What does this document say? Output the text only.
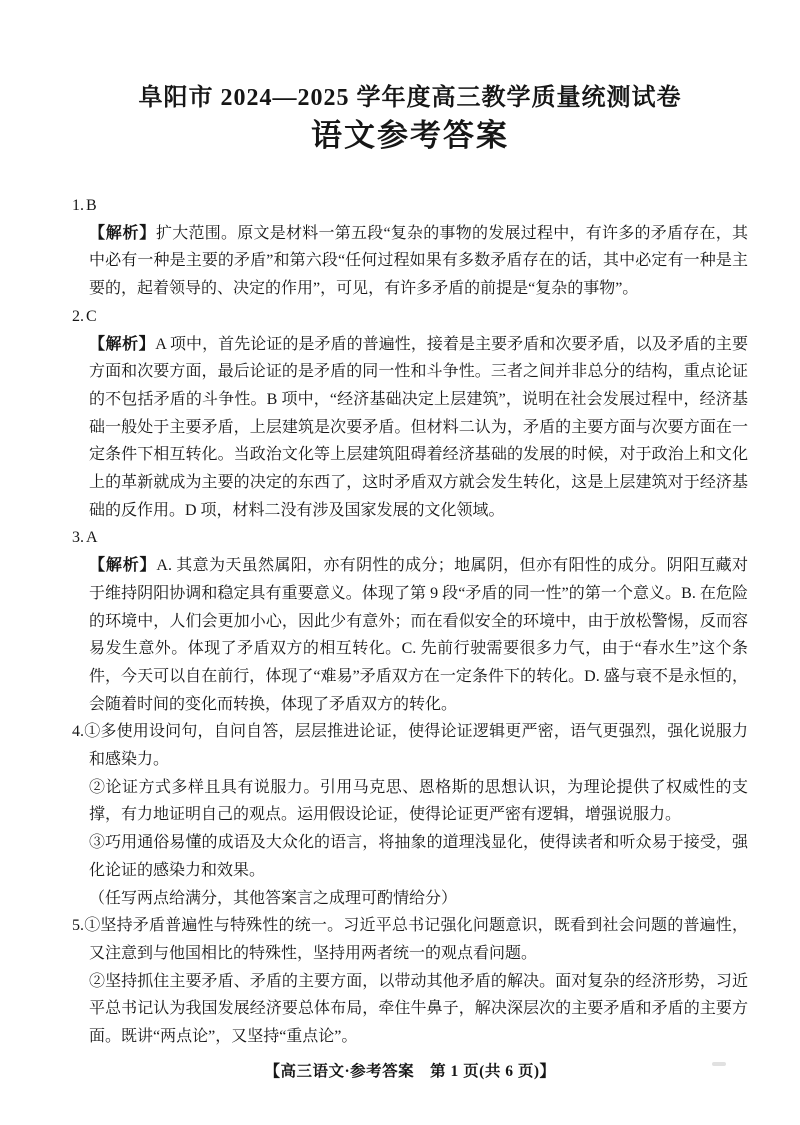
阜阳市 2024—2025 学年度高三教学质量统测试卷
语文参考答案

1. B

【解析】扩大范围。原文是材料一第五段“复杂的事物的发展过程中，有许多的矛盾存在，其中必有一种是主要的矛盾”和第六段“任何过程如果有多数矛盾存在的话，其中必定有一种是主要的，起着领导的、决定的作用”，可见，有许多矛盾的前提是“复杂的事物”。

2. C

【解析】A 项中，首先论证的是矛盾的普遍性，接着是主要矛盾和次要矛盾，以及矛盾的主要方面和次要方面，最后论证的是矛盾的同一性和斗争性。三者之间并非总分的结构，重点论证的不包括矛盾的斗争性。B 项中，“经济基础决定上层建筑”，说明在社会发展过程中，经济基础一般处于主要矛盾，上层建筑是次要矛盾。但材料二认为，矛盾的主要方面与次要方面在一定条件下相互转化。当政治文化等上层建筑阻碍着经济基础的发展的时候，对于政治上和文化上的革新就成为主要的决定的东西了，这时矛盾双方就会发生转化，这是上层建筑对于经济基础的反作用。D 项，材料二没有涉及国家发展的文化领域。

3. A

【解析】A. 其意为天虽然属阳，亦有阴性的成分；地属阴，但亦有阳性的成分。阴阳互藏对于维持阴阳协调和稳定具有重要意义。体现了第 9 段“矛盾的同一性”的第一个意义。B. 在危险的环境中，人们会更加小心，因此少有意外；而在看似安全的环境中，由于放松警惕，反而容易发生意外。体现了矛盾双方的相互转化。C. 先前行驶需要很多力气，由于“春水生”这个条件，今天可以自在前行，体现了“难易”矛盾双方在一定条件下的转化。D. 盛与衰不是永恒的，会随着时间的变化而转换，体现了矛盾双方的转化。

4.①多使用设问句，自问自答，层层推进论证，使得论证逻辑更严密，语气更强烈，强化说服力和感染力。

②论证方式多样且具有说服力。引用马克思、恩格斯的思想认识，为理论提供了权威性的支撑，有力地证明自己的观点。运用假设论证，使得论证更严密有逻辑，增强说服力。

③巧用通俗易懂的成语及大众化的语言，将抽象的道理浅显化，使得读者和听众易于接受，强化论证的感染力和效果。

（任写两点给满分，其他答案言之成理可酌情给分）

5.①坚持矛盾普遍性与特殊性的统一。习近平总书记强化问题意识，既看到社会问题的普遍性，又注意到与他国相比的特殊性，坚持用两者统一的观点看问题。

②坚持抓住主要矛盾、矛盾的主要方面，以带动其他矛盾的解决。面对复杂的经济形势，习近平总书记认为我国发展经济要总体布局，牵住牛鼻子，解决深层次的主要矛盾和矛盾的主要方面。既讲“两点论”，又坚持“重点论”。

【高三语文·参考答案　第 1 页(共 6 页)】
